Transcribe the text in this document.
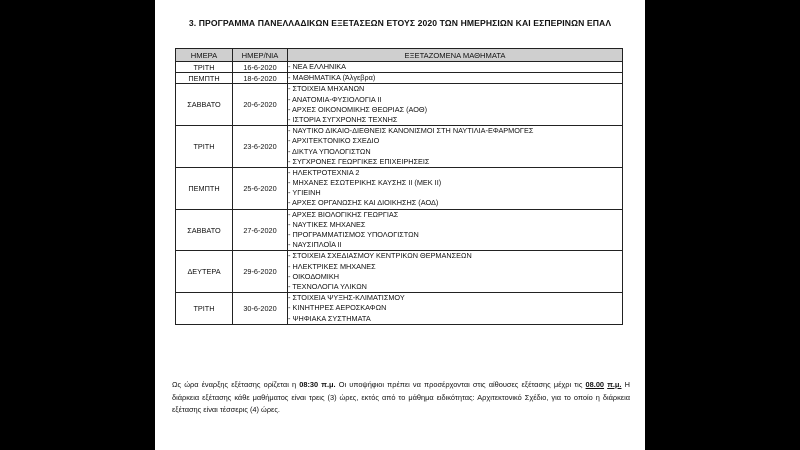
3. ΠΡΟΓΡΑΜΜΑ ΠΑΝΕΛΛΑΔΙΚΩΝ ΕΞΕΤΑΣΕΩΝ ΕΤΟΥΣ 2020 ΤΩΝ ΗΜΕΡΗΣΙΩΝ ΚΑΙ ΕΣΠΕΡΙΝΩΝ ΕΠΑΛ
ΗΜΕΡΑ	ΗΜΕΡ/ΝΙΑ	ΕΞΕΤΑΖΟΜΕΝΑ ΜΑΘΗΜΑΤΑ
ΤΡΙΤΗ	16-6-2020	- ΝΕΑ ΕΛΛΗΝΙΚΑ

ΠΕΜΠΤΗ	18-6-2020	- ΜΑΘΗΜΑΤΙΚΑ (Άλγεβρα)

ΣΑΒΒΑΤΟ	20-6-2020	- ΣΤΟΙΧΕΙΑ ΜΗΧΑΝΩΝ
- ΑΝΑΤΟΜΙΑ-ΦΥΣΙΟΛΟΓΙΑ ΙΙ
- ΑΡΧΕΣ ΟΙΚΟΝΟΜΙΚΗΣ ΘΕΩΡΙΑΣ (ΑΟΘ)
- ΙΣΤΟΡΙΑ ΣΥΓΧΡΟΝΗΣ ΤΕΧΝΗΣ

ΤΡΙΤΗ	23-6-2020	- ΝΑΥΤΙΚΟ ΔΙΚΑΙΟ-ΔΙΕΘΝΕΙΣ ΚΑΝΟΝΙΣΜΟΙ ΣΤΗ ΝΑΥΤΙΛΙΑ-ΕΦΑΡΜΟΓΕΣ
- ΑΡΧΙΤΕΚΤΟΝΙΚΟ ΣΧΕΔΙΟ
- ΔΙΚΤΥΑ ΥΠΟΛΟΓΙΣΤΩΝ
- ΣΥΓΧΡΟΝΕΣ ΓΕΩΡΓΙΚΕΣ ΕΠΙΧΕΙΡΗΣΕΙΣ

ΠΕΜΠΤΗ	25-6-2020	- ΗΛΕΚΤΡΟΤΕΧΝΙΑ 2
- ΜΗΧΑΝΕΣ ΕΣΩΤΕΡΙΚΗΣ ΚΑΥΣΗΣ ΙΙ (ΜΕΚ ΙΙ)
- ΥΓΙΕΙΝΗ
- ΑΡΧΕΣ ΟΡΓΑΝΩΣΗΣ ΚΑΙ ΔΙΟΙΚΗΣΗΣ (ΑΟΔ)

ΣΑΒΒΑΤΟ	27-6-2020	- ΑΡΧΕΣ ΒΙΟΛΟΓΙΚΗΣ ΓΕΩΡΓΙΑΣ
- ΝΑΥΤΙΚΕΣ ΜΗΧΑΝΕΣ
- ΠΡΟΓΡΑΜΜΑΤΙΣΜΟΣ ΥΠΟΛΟΓΙΣΤΩΝ
- ΝΑΥΣΙΠΛΟΪΑ ΙΙ

ΔΕΥΤΕΡΑ	29-6-2020	- ΣΤΟΙΧΕΙΑ ΣΧΕΔΙΑΣΜΟΥ ΚΕΝΤΡΙΚΩΝ ΘΕΡΜΑΝΣΕΩΝ
- ΗΛΕΚΤΡΙΚΕΣ ΜΗΧΑΝΕΣ
- ΟΙΚΟΔΟΜΙΚΗ
- ΤΕΧΝΟΛΟΓΙΑ ΥΛΙΚΩΝ

ΤΡΙΤΗ	30-6-2020	- ΣΤΟΙΧΕΙΑ ΨΥΞΗΣ-ΚΛΙΜΑΤΙΣΜΟΥ
- ΚΙΝΗΤΗΡΕΣ ΑΕΡΟΣΚΑΦΩΝ
- ΨΗΦΙΑΚΑ ΣΥΣΤΗΜΑΤΑ
Ως ώρα έναρξης εξέτασης ορίζεται η 08:30 π.μ. Οι υποψήφιοι πρέπει να προσέρχονται στις αίθουσες εξέτασης μέχρι τις 08.00 π.μ. Η διάρκεια εξέτασης κάθε μαθήματος είναι τρεις (3) ώρες, εκτός από το μάθημα ειδικότητας: Αρχιτεκτονικό Σχέδιο, για το οποίο η διάρκεια εξέτασης είναι τέσσερις (4) ώρες.
